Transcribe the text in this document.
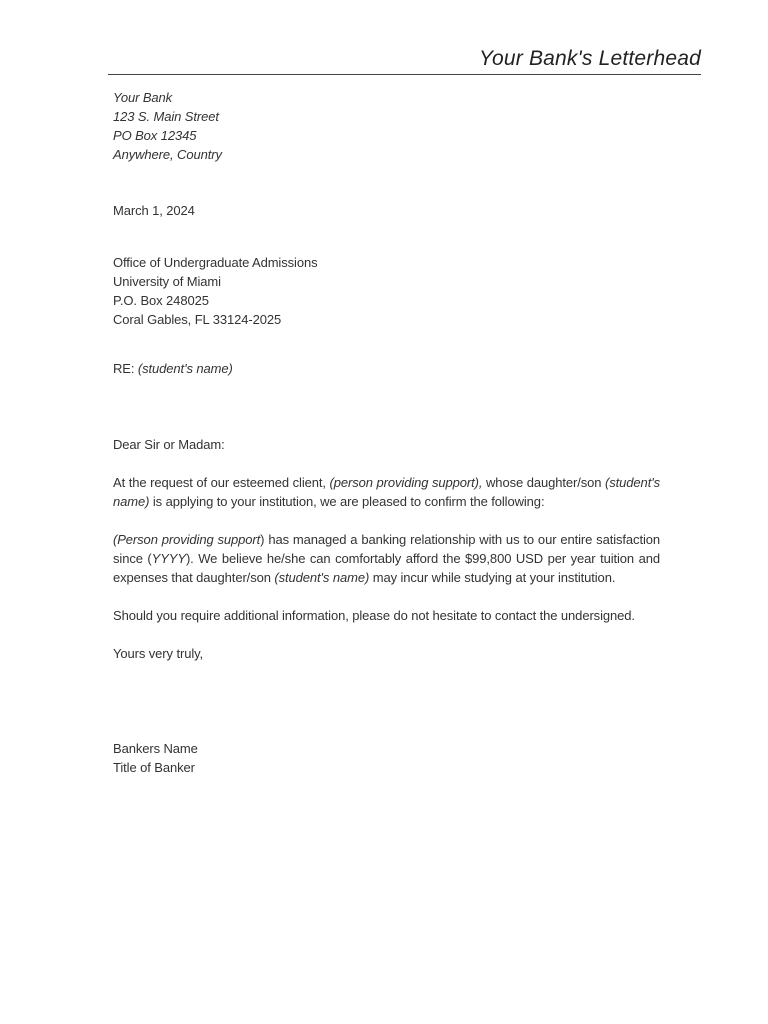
Your Bank's Letterhead
Your Bank
123 S. Main Street
PO Box 12345
Anywhere, Country
March 1, 2024
Office of Undergraduate Admissions
University of Miami
P.O. Box 248025
Coral Gables, FL 33124-2025
RE: (student's name)
Dear Sir or Madam:
At the request of our esteemed client, (person providing support), whose daughter/son (student's name) is applying to your institution, we are pleased to confirm the following:
(Person providing support) has managed a banking relationship with us to our entire satisfaction since (YYYY). We believe he/she can comfortably afford the $99,800 USD per year tuition and expenses that daughter/son (student's name) may incur while studying at your institution.
Should you require additional information, please do not hesitate to contact the undersigned.
Yours very truly,
Bankers Name
Title of Banker
